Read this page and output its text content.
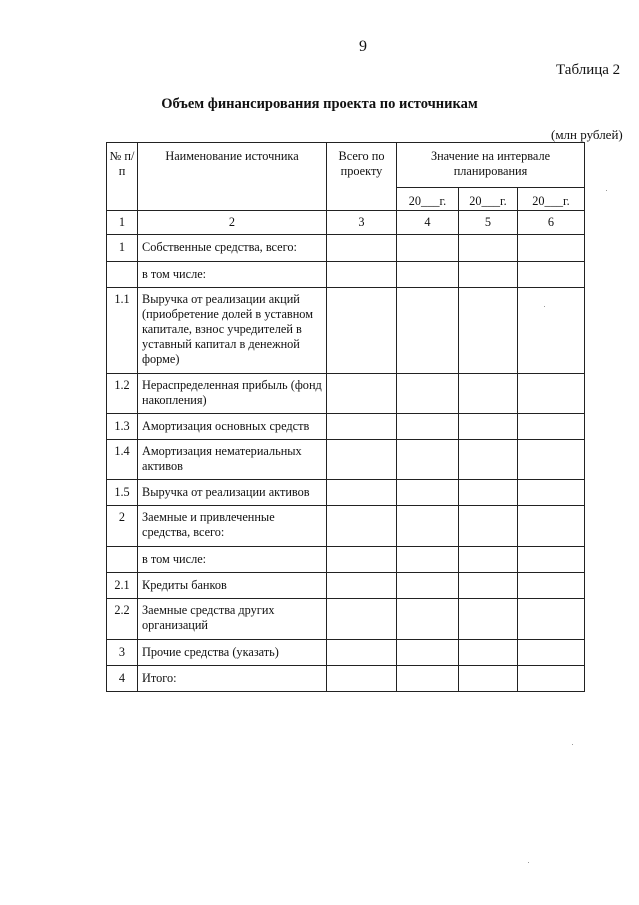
9
Таблица 2
Объем финансирования проекта по источникам
(млн рублей)
№ п/п	Наименование источника	Всего по проекту	Значение на интервале планирования		
			20___г.	20___г.	20___г.
1	2	3	4	5	6
1	Собственные средства, всего:				
	в том числе:				
1.1	Выручка от реализации акций (приобретение долей в уставном капитале, взнос учредителей в уставный капитал в денежной форме)				
1.2	Нераспределенная прибыль (фонд накопления)				
1.3	Амортизация основных средств				
1.4	Амортизация нематериальных активов				
1.5	Выручка от реализации активов				
2	Заемные и привлеченные средства, всего:				
	в том числе:				
2.1	Кредиты банков				
2.2	Заемные средства других организаций				
3	Прочие средства (указать)				
4	Итого:				
